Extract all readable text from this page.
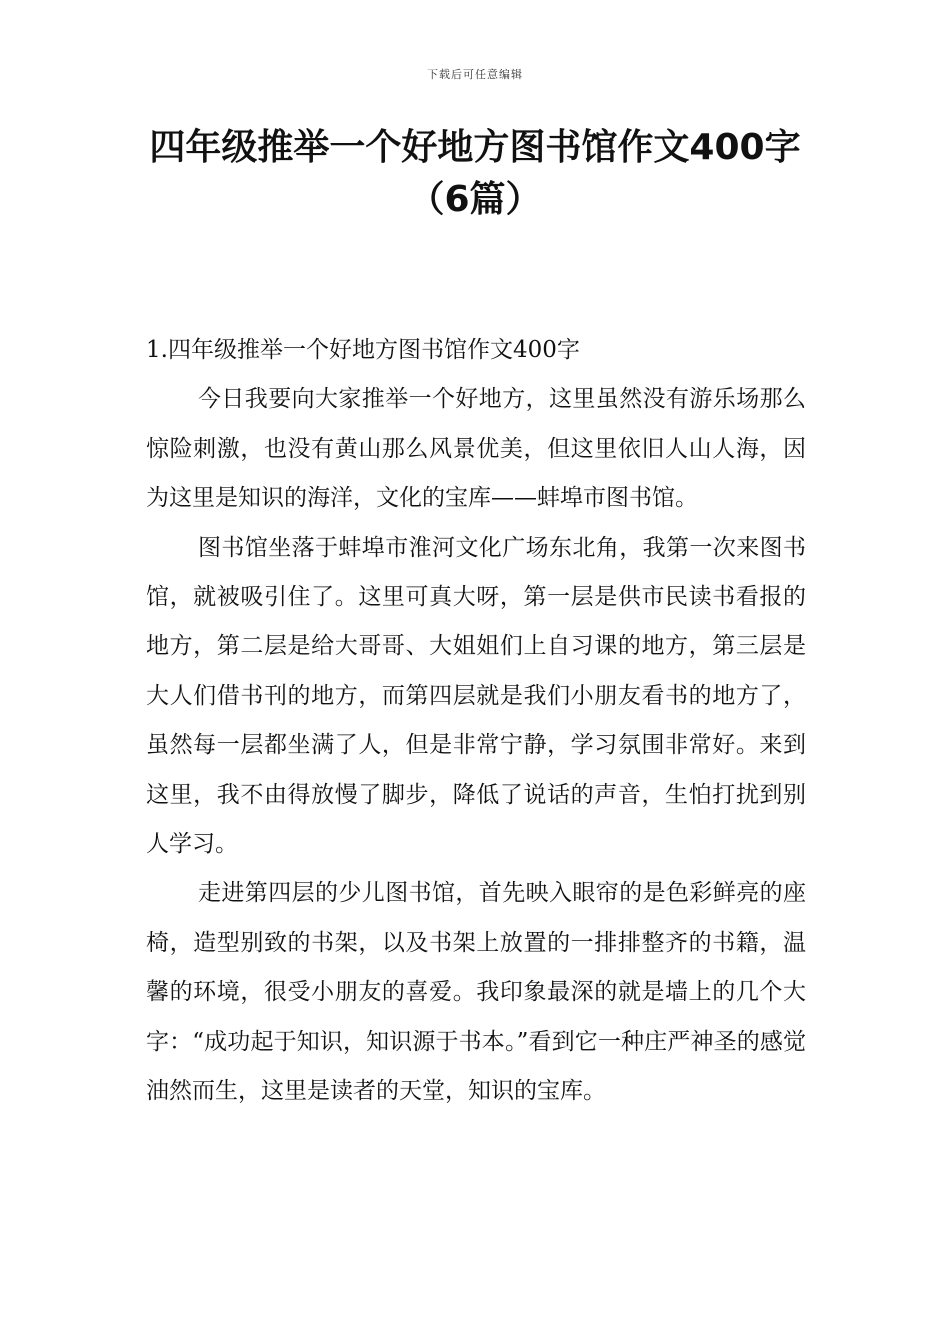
下载后可任意编辑
四年级推举一个好地方图书馆作文400字
（6篇）

1.四年级推举一个好地方图书馆作文400字

今日我要向大家推举一个好地方，这里虽然没有游乐场那么惊险刺激，也没有黄山那么风景优美，但这里依旧人山人海，因为这里是知识的海洋，文化的宝库——蚌埠市图书馆。

图书馆坐落于蚌埠市淮河文化广场东北角，我第一次来图书馆，就被吸引住了。这里可真大呀，第一层是供市民读书看报的地方，第二层是给大哥哥、大姐姐们上自习课的地方，第三层是大人们借书刊的地方，而第四层就是我们小朋友看书的地方了，虽然每一层都坐满了人，但是非常宁静，学习氛围非常好。来到这里，我不由得放慢了脚步，降低了说话的声音，生怕打扰到别人学习。

走进第四层的少儿图书馆，首先映入眼帘的是色彩鲜亮的座椅，造型别致的书架，以及书架上放置的一排排整齐的书籍，温馨的环境，很受小朋友的喜爱。我印象最深的就是墙上的几个大字：“成功起于知识，知识源于书本。”看到它一种庄严神圣的感觉油然而生，这里是读者的天堂，知识的宝库。
